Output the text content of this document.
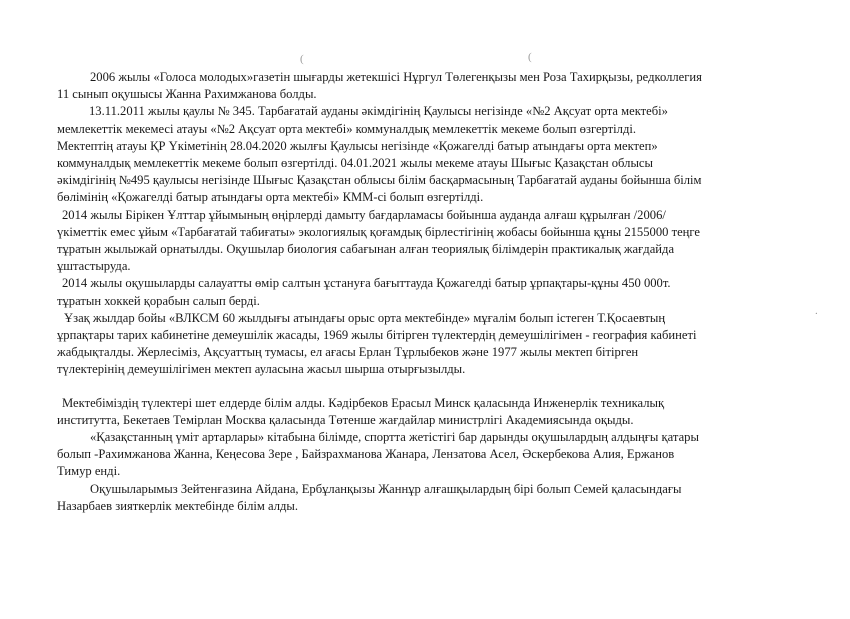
(	(
.

2006 жылы «Голоса молодых»газетін шығарды жетекшісі Нұргул Төлегенқызы мен Роза Тахирқызы, редколлегия
11 сынып оқушысы Жанна Рахимжанова болды.

13.11.2011 жылы қаулы № 345. Тарбағатай ауданы әкімдігінің Қаулысы негізінде «№2 Ақсуат орта мектебі»
мемлекеттік мекемесі атауы «№2 Ақсуат орта мектебі» коммуналдық мемлекеттік мекеме болып өзгертілді.

Мектептің атауы ҚР Үкіметінің 28.04.2020 жылғы Қаулысы негізінде «Қожагелді батыр атындағы орта мектеп»
коммуналдық мемлекеттік мекеме болып өзгертілді. 04.01.2021 жылы мекеме атауы Шығыс Қазақстан облысы
әкімдігінің №495 қаулысы негізінде Шығыс Қазақстан облысы білім басқармасының Тарбағатай ауданы бойынша білім
бөлімінің «Қожагелді батыр атындағы орта мектебі» КММ-сі болып өзгертілді.

2014 жылы Бірікен Ұлттар ұйымының өңірлерді дамыту бағдарламасы бойынша ауданда алғаш құрылған /2006/
үкіметтік емес ұйым «Тарбағатай табиғаты» экологиялық қоғамдық бірлестігінің жобасы бойынша құны 2155000 теңге
тұратын жылыжай орнатылды. Оқушылар биология сабағынан алған теориялық білімдерін практикалық жағдайда
ұштастыруда.

2014 жылы оқушыларды салауатты өмір салтын ұстануға бағыттауда Қожагелді батыр ұрпақтары-құны 450 000т.
тұратын хоккей қорабын салып берді.

Ұзақ жылдар бойы «ВЛКСМ 60 жылдығы атындағы орыс орта мектебінде» мұғалім болып істеген Т.Қосаевтың
ұрпақтары тарих кабинетіне демеушілік жасады, 1969 жылы бітірген түлектердің демеушілігімен - география кабинеті
жабдықталды. Жерлесіміз, Ақсуаттың тумасы, ел ағасы Ерлан Тұрлыбеков және 1977 жылы мектеп бітірген
түлектерінің демеушілігімен мектеп ауласына жасыл шырша отырғызылды.

Мектебіміздің түлектері шет елдерде білім алды. Кәдірбеков Ерасыл Минск қаласында Инженерлік техникалық
институтта, Бекетаев Темірлан Москва қаласында Төтенше жағдайлар министрлігі Академиясында оқыды.

«Қазақстанның үміт артарлары» кітабына білімде, спортта жетістігі бар дарынды оқушылардың алдыңғы қатары
болып -Рахимжанова Жанна, Кеңесова Зере , Байзрахманова Жанара, Лензатова Асел, Әскербекова Алия, Ержанов
Тимур енді.

Оқушыларымыз Зейтенғазина Айдана, Ербұланқызы Жаннұр алғашқылардың бірі болып Семей қаласындағы
Назарбаев зияткерлік мектебінде білім алды.
